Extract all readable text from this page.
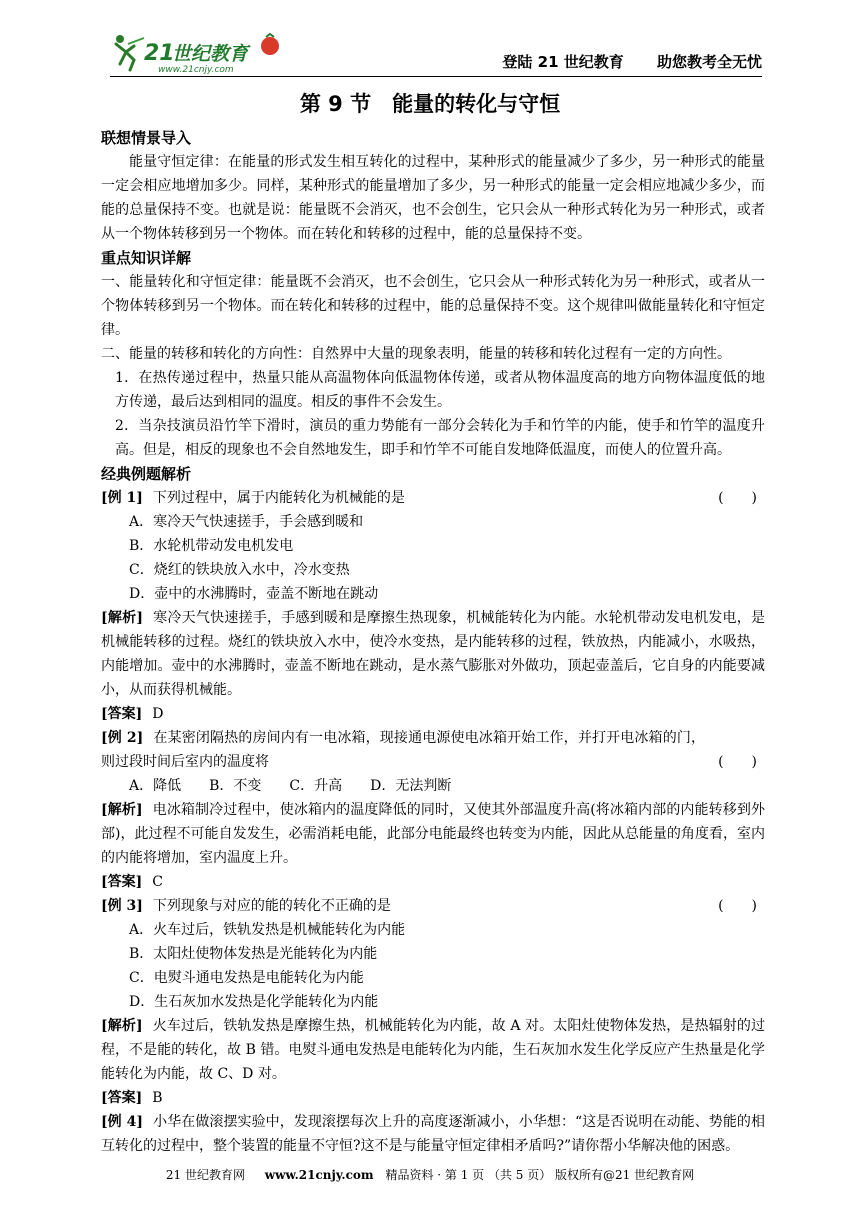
21
世纪教育
www.21cnjy.com	登陆 21 世纪教育 助您教考全无忧
第 9 节　能量的转化与守恒
联想情景导入
能量守恒定律：在能量的形式发生相互转化的过程中，某种形式的能量减少了多少，另一种形式的能量一定会相应地增加多少。同样，某种形式的能量增加了多少，另一种形式的能量一定会相应地减少多少，而能的总量保持不变。也就是说：能量既不会消灭，也不会创生，它只会从一种形式转化为另一种形式，或者从一个物体转移到另一个物体。而在转化和转移的过程中，能的总量保持不变。
重点知识详解
一、能量转化和守恒定律：能量既不会消灭，也不会创生，它只会从一种形式转化为另一种形式，或者从一个物体转移到另一个物体。而在转化和转移的过程中，能的总量保持不变。这个规律叫做能量转化和守恒定律。
二、能量的转移和转化的方向性：自然界中大量的现象表明，能量的转移和转化过程有一定的方向性。
1．在热传递过程中，热量只能从高温物体向低温物体传递，或者从物体温度高的地方向物体温度低的地方传递，最后达到相同的温度。相反的事件不会发生。
2．当杂技演员沿竹竿下滑时，演员的重力势能有一部分会转化为手和竹竿的内能，使手和竹竿的温度升高。但是，相反的现象也不会自然地发生，即手和竹竿不可能自发地降低温度，而使人的位置升高。
经典例题解析
[例 1] 下列过程中，属于内能转化为机械能的是	(　　)
A．寒冷天气快速搓手，手会感到暖和
B．水轮机带动发电机发电
C．烧红的铁块放入水中，冷水变热
D．壶中的水沸腾时，壶盖不断地在跳动
[解析] 寒冷天气快速搓手，手感到暖和是摩擦生热现象，机械能转化为内能。水轮机带动发电机发电，是机械能转移的过程。烧红的铁块放入水中，使冷水变热，是内能转移的过程，铁放热，内能减小，水吸热，内能增加。壶中的水沸腾时，壶盖不断地在跳动，是水蒸气膨胀对外做功，顶起壶盖后，它自身的内能要减小，从而获得机械能。
[答案] D
[例 2] 在某密闭隔热的房间内有一电冰箱，现接通电源使电冰箱开始工作，并打开电冰箱的门，则过段时间后室内的温度将	(　　)
A．降低　　B．不变　　C．升高　　D．无法判断
[解析] 电冰箱制冷过程中，使冰箱内的温度降低的同时，又使其外部温度升高(将冰箱内部的内能转移到外部)，此过程不可能自发发生，必需消耗电能，此部分电能最终也转变为内能，因此从总能量的角度看，室内的内能将增加，室内温度上升。
[答案] C
[例 3] 下列现象与对应的能的转化不正确的是	(　　)
A．火车过后，铁轨发热是机械能转化为内能
B．太阳灶使物体发热是光能转化为内能
C．电熨斗通电发热是电能转化为内能
D．生石灰加水发热是化学能转化为内能
[解析] 火车过后，铁轨发热是摩擦生热，机械能转化为内能，故 A 对。太阳灶使物体发热，是热辐射的过程，不是能的转化，故 B 错。电熨斗通电发热是电能转化为内能，生石灰加水发生化学反应产生热量是化学能转化为内能，故 C、D 对。
[答案] B
[例 4] 小华在做滚摆实验中，发现滚摆每次上升的高度逐渐减小，小华想：“这是否说明在动能、势能的相互转化的过程中，整个装置的能量不守恒?这不是与能量守恒定律相矛盾吗?”请你帮小华解决他的困惑。
21 世纪教育网 www.21cnjy.com 精品资料 · 第 1 页 （共 5 页） 版权所有@21 世纪教育网
